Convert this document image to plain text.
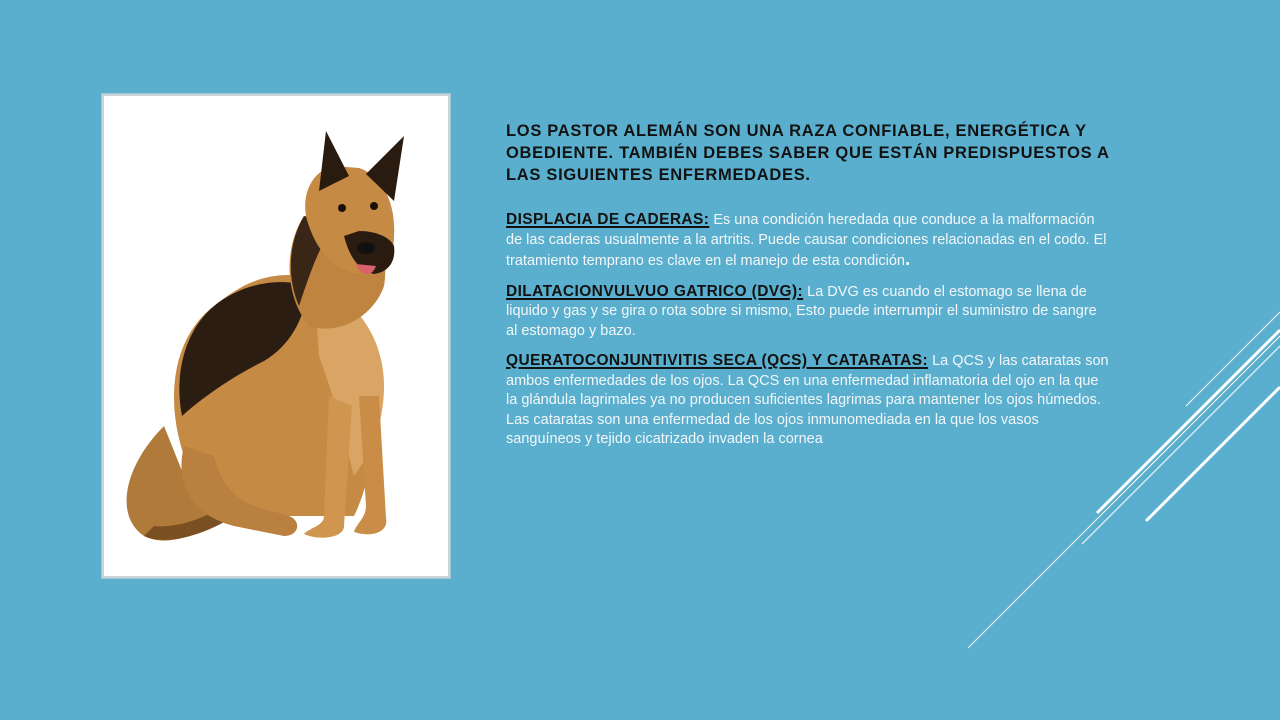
LOS PASTOR ALEMÁN SON UNA RAZA CONFIABLE, ENERGÉTICA Y OBEDIENTE. TAMBIÉN DEBES SABER QUE ESTÁN PREDISPUESTOS A LAS SIGUIENTES ENFERMEDADES.

DISPLACIA DE CADERAS: Es una condición heredada que conduce a la malformación de las caderas usualmente a la artritis. Puede causar condiciones relacionadas en el codo. El tratamiento temprano es clave en el manejo de esta condición.

DILATACIONVULVUO GATRICO (DVG): La DVG es cuando el estomago se llena de liquido y gas y se gira o rota sobre si mismo, Esto puede interrumpir el suministro de sangre al estomago y bazo.

QUERATOCONJUNTIVITIS SECA (QCS) Y CATARATAS: La QCS y las cataratas son ambos enfermedades de los ojos. La QCS en una enfermedad inflamatoria del ojo en la que la glándula lagrimales ya no producen suficientes lagrimas para mantener los ojos húmedos. Las cataratas son una enfermedad de los ojos inmunomediada en la que los vasos sanguíneos y tejido cicatrizado invaden la cornea
